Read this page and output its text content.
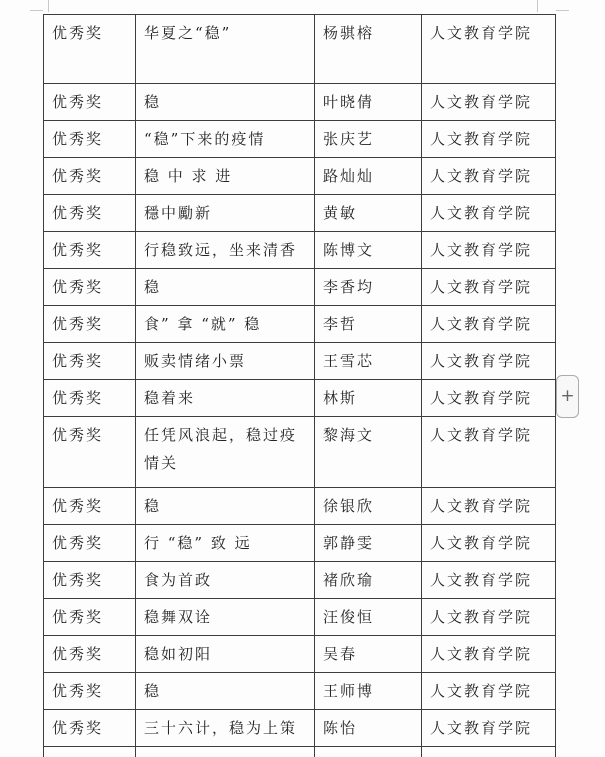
优秀奖	华夏之“稳”	杨骐榕	人文教育学院
优秀奖	稳	叶晓倩	人文教育学院
优秀奖	“稳”下来的疫情	张庆艺	人文教育学院
优秀奖	稳 中 求 进	路灿灿	人文教育学院
优秀奖	穩中勵新	黄敏	人文教育学院
优秀奖	行稳致远，坐来清香	陈博文	人文教育学院
优秀奖	稳	李香均	人文教育学院
优秀奖	食” 拿 “就” 稳	李哲	人文教育学院
优秀奖	贩卖情绪小票	王雪芯	人文教育学院
优秀奖	稳着来	林斯	人文教育学院
优秀奖	任凭风浪起，稳过疫情关	黎海文	人文教育学院
优秀奖	稳	徐银欣	人文教育学院
优秀奖	行 “稳” 致 远	郭静雯	人文教育学院
优秀奖	食为首政	褚欣瑜	人文教育学院
优秀奖	稳舞双诠	汪俊恒	人文教育学院
优秀奖	稳如初阳	吴春	人文教育学院
优秀奖	稳	王师博	人文教育学院
优秀奖	三十六计，稳为上策	陈怡	人文教育学院

+
